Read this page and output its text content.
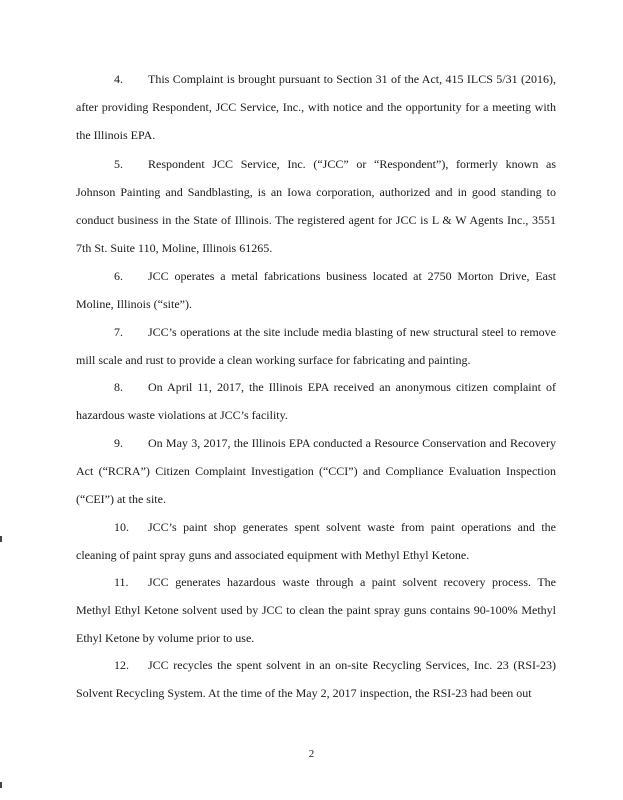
4. This Complaint is brought pursuant to Section 31 of the Act, 415 ILCS 5/31 (2016), after providing Respondent, JCC Service, Inc., with notice and the opportunity for a meeting with the Illinois EPA.

5. Respondent JCC Service, Inc. (“JCC” or “Respondent”), formerly known as Johnson Painting and Sandblasting, is an Iowa corporation, authorized and in good standing to conduct business in the State of Illinois. The registered agent for JCC is L & W Agents Inc., 3551 7th St. Suite 110, Moline, Illinois 61265.

6. JCC operates a metal fabrications business located at 2750 Morton Drive, East Moline, Illinois (“site”).

7. JCC’s operations at the site include media blasting of new structural steel to remove mill scale and rust to provide a clean working surface for fabricating and painting.

8. On April 11, 2017, the Illinois EPA received an anonymous citizen complaint of hazardous waste violations at JCC’s facility.

9. On May 3, 2017, the Illinois EPA conducted a Resource Conservation and Recovery Act (“RCRA”) Citizen Complaint Investigation (“CCI”) and Compliance Evaluation Inspection (“CEI”) at the site.

10. JCC’s paint shop generates spent solvent waste from paint operations and the cleaning of paint spray guns and associated equipment with Methyl Ethyl Ketone.

11. JCC generates hazardous waste through a paint solvent recovery process. The Methyl Ethyl Ketone solvent used by JCC to clean the paint spray guns contains 90-100% Methyl Ethyl Ketone by volume prior to use.

12. JCC recycles the spent solvent in an on-site Recycling Services, Inc. 23 (RSI-23) Solvent Recycling System. At the time of the May 2, 2017 inspection, the RSI-23 had been out

2
